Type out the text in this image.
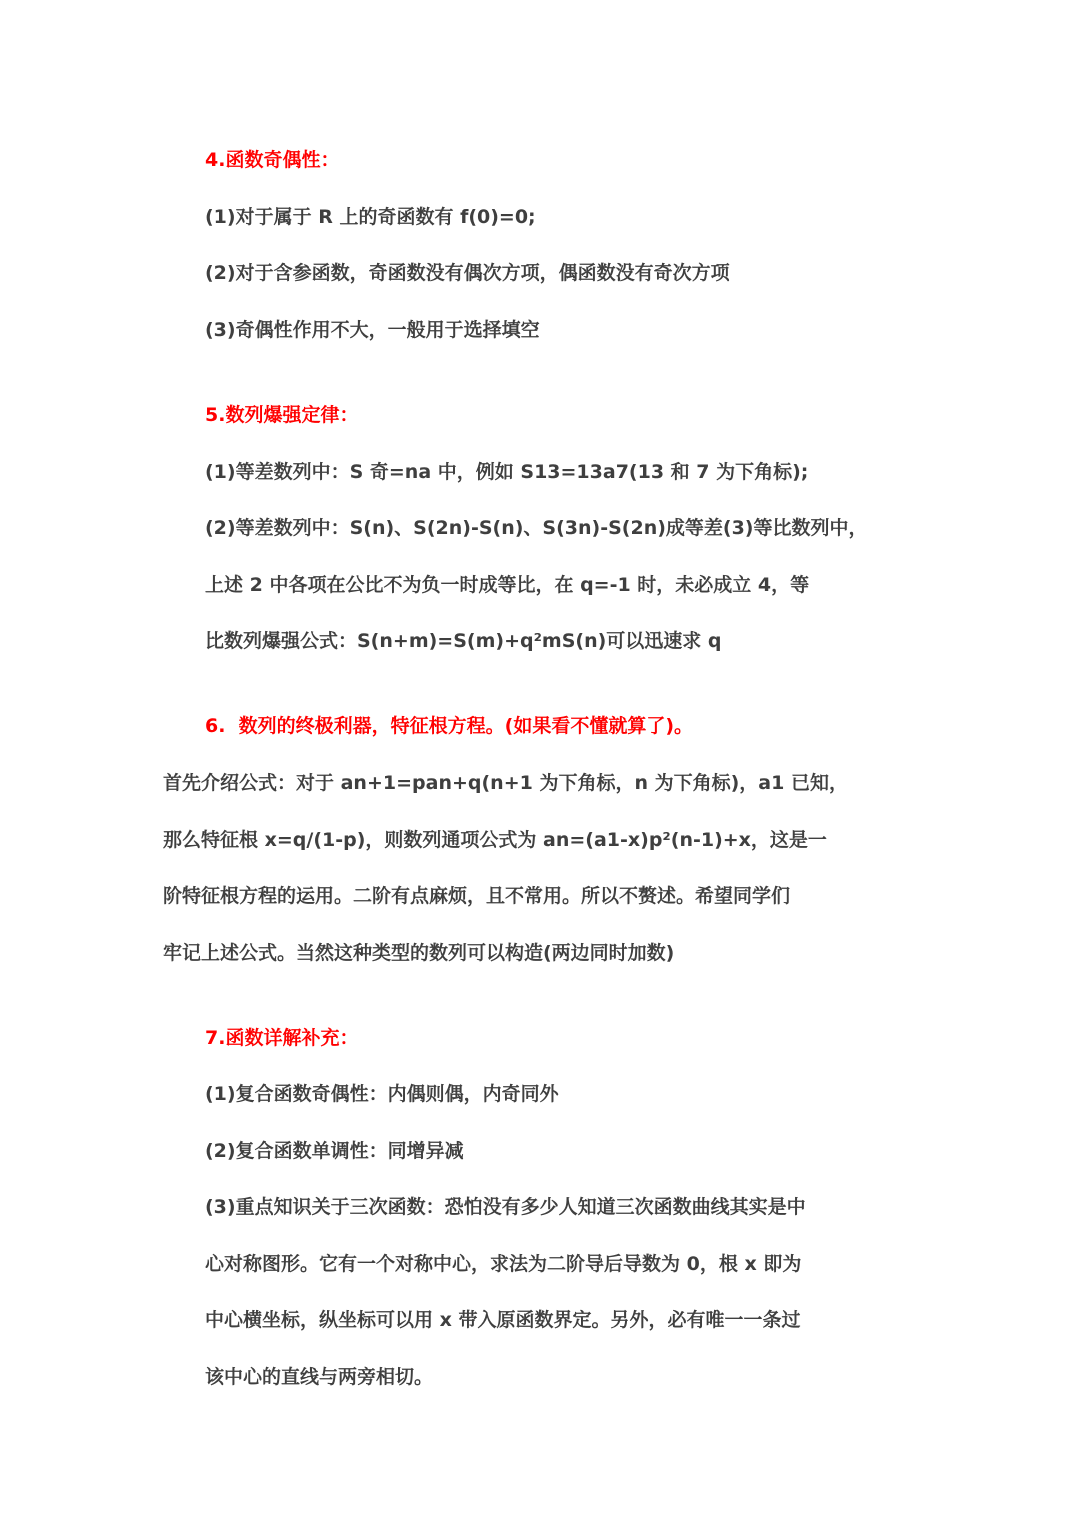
4.函数奇偶性：
(1)对于属于 R 上的奇函数有 f(0)=0;
(2)对于含参函数，奇函数没有偶次方项，偶函数没有奇次方项
(3)奇偶性作用不大，一般用于选择填空
5.数列爆强定律：
(1)等差数列中：S 奇=na 中，例如 S13=13a7(13 和 7 为下角标);
(2)等差数列中：S(n)、S(2n)-S(n)、S(3n)-S(2n)成等差(3)等比数列中，
上述 2 中各项在公比不为负一时成等比，在 q=-1 时，未必成立 4，等
比数列爆强公式：S(n+m)=S(m)+q²mS(n)可以迅速求 q
6.  数列的终极利器，特征根方程。(如果看不懂就算了)。
首先介绍公式：对于 an+1=pan+q(n+1 为下角标，n 为下角标)，a1 已知，
那么特征根 x=q/(1-p)，则数列通项公式为 an=(a1-x)p²(n-1)+x，这是一
阶特征根方程的运用。二阶有点麻烦，且不常用。所以不赘述。希望同学们
牢记上述公式。当然这种类型的数列可以构造(两边同时加数)
7.函数详解补充：
(1)复合函数奇偶性：内偶则偶，内奇同外
(2)复合函数单调性：同增异减
(3)重点知识关于三次函数：恐怕没有多少人知道三次函数曲线其实是中
心对称图形。它有一个对称中心，求法为二阶导后导数为 0，根 x 即为
中心横坐标，纵坐标可以用 x 带入原函数界定。另外，必有唯一一条过
该中心的直线与两旁相切。
